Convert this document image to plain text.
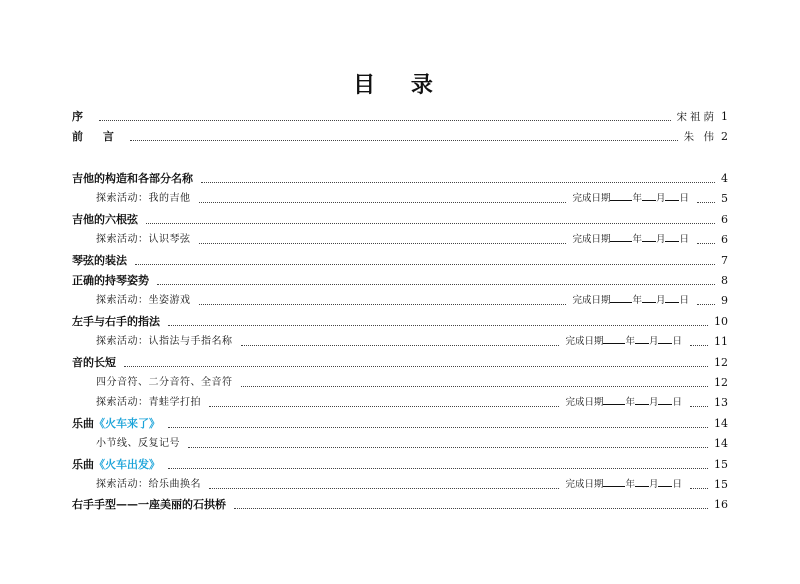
目 录
序	宋祖荫 1
前 言	朱 伟 2
吉他的构造和各部分名称	4
探索活动：我的吉他	完成日期 年 月 日	5
吉他的六根弦	6
探索活动：认识琴弦	完成日期 年 月 日	6
琴弦的装法	7
正确的持琴姿势	8
探索活动：坐姿游戏	完成日期 年 月 日	9
左手与右手的指法	10
探索活动：认指法与手指名称	完成日期 年 月 日	11
音的长短	12
四分音符、二分音符、全音符	12
探索活动：青蛙学打拍	完成日期 年 月 日	13
乐曲《火车来了》	14
小节线、反复记号	14
乐曲《火车出发》	15
探索活动：给乐曲换名	完成日期 年 月 日	15
右手手型——一座美丽的石拱桥	16
